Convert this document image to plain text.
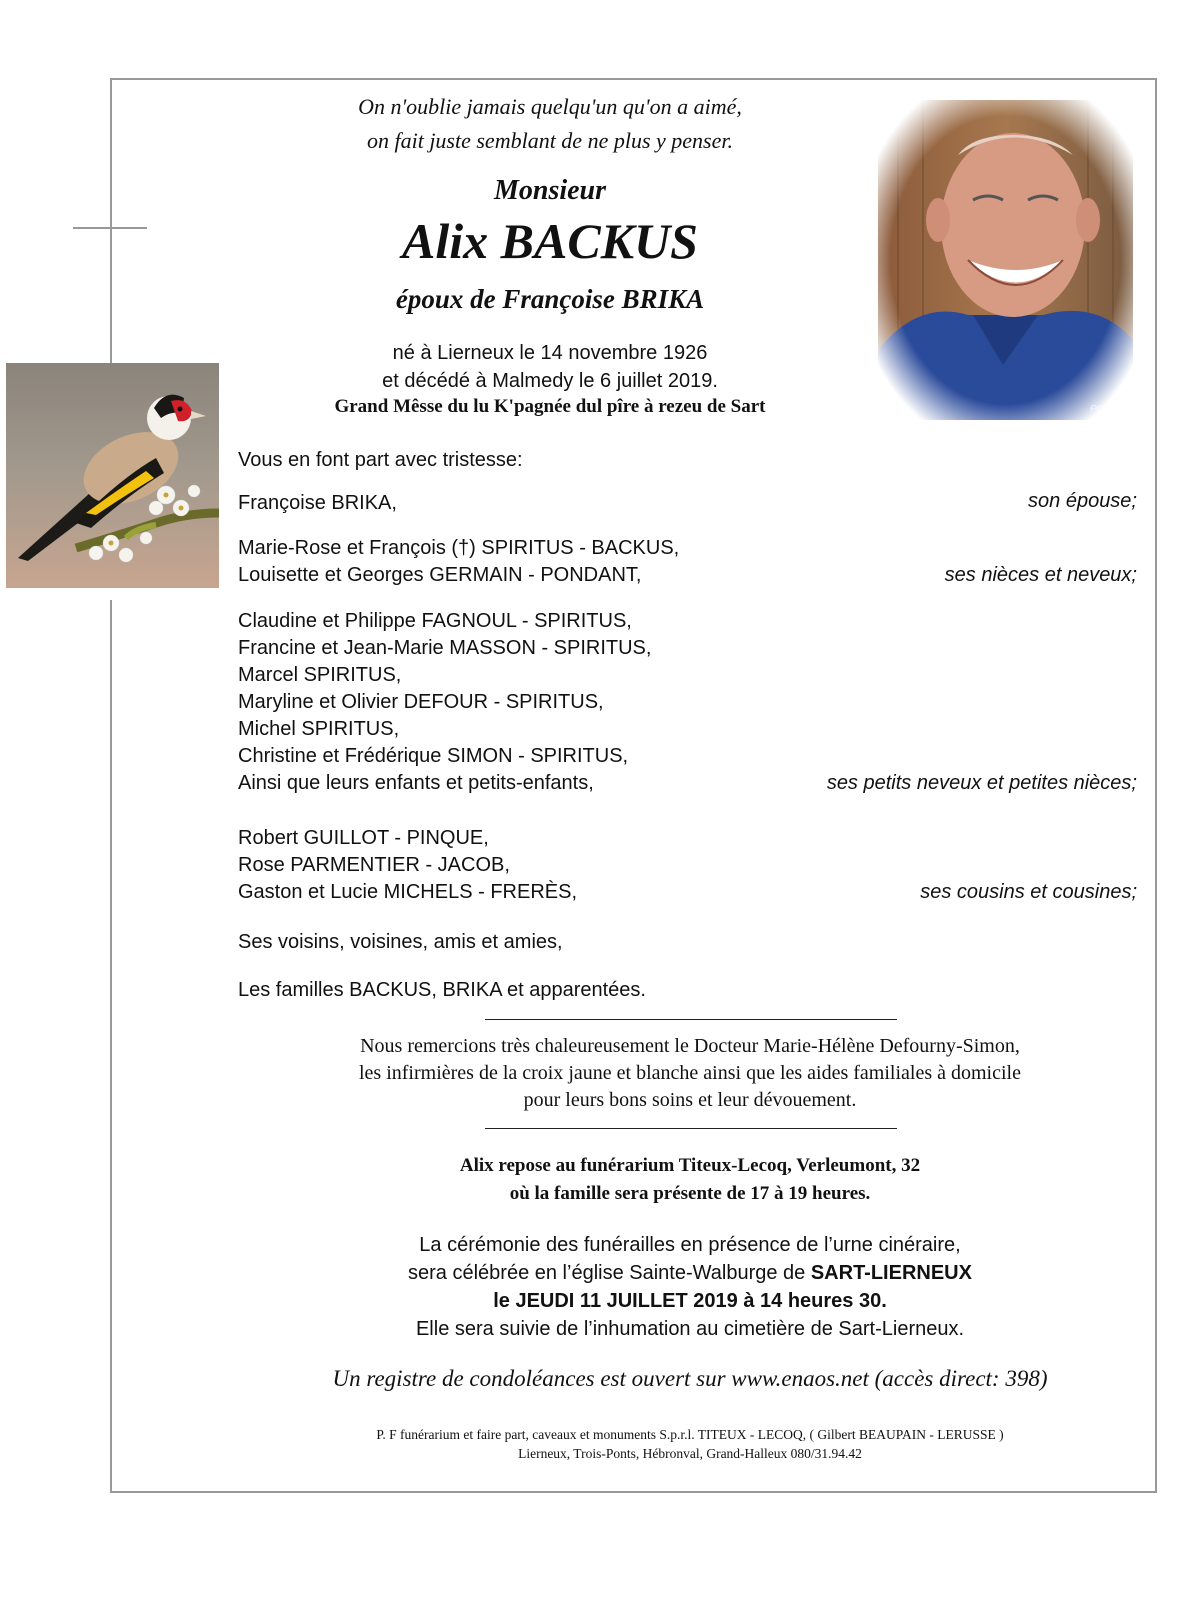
On n'oublie jamais quelqu'un qu'on a aimé,
on fait juste semblant de ne plus y penser.
Monsieur
Alix BACKUS
époux de Françoise BRIKA
né à Lierneux le 14 novembre 1926
et décédé à Malmedy le 6 juillet 2019.
Grand Mêsse du lu K'pagnée dul pîre à rezeu de Sart
Vous en font part avec tristesse:
Françoise BRIKA,	son épouse;
Marie-Rose et François (†) SPIRITUS - BACKUS,
Louisette et Georges GERMAIN - PONDANT,	ses nièces et neveux;
Claudine et Philippe FAGNOUL - SPIRITUS,
Francine et Jean-Marie MASSON - SPIRITUS,
Marcel SPIRITUS,
Maryline et Olivier DEFOUR - SPIRITUS,
Michel SPIRITUS,
Christine et Frédérique SIMON - SPIRITUS,
Ainsi que leurs enfants et petits-enfants,	ses petits neveux et petites nièces;
Robert GUILLOT - PINQUE,
Rose PARMENTIER - JACOB,
Gaston et Lucie MICHELS - FRERÈS,	ses cousins et cousines;
Ses voisins, voisines, amis et amies,
Les familles BACKUS, BRIKA et apparentées.
Nous remercions très chaleureusement le Docteur Marie-Hélène Defourny-Simon,
les infirmières de la croix jaune et blanche ainsi que les aides familiales à domicile
pour leurs bons soins et leur dévouement.
Alix repose au funérarium Titeux-Lecoq, Verleumont, 32
où la famille sera présente de 17 à 19 heures.
La cérémonie des funérailles en présence de l’urne cinéraire,
sera célébrée en l’église Sainte-Walburge de SART-LIERNEUX
le JEUDI 11 JUILLET 2019 à 14 heures 30.
Elle sera suivie de l’inhumation au cimetière de Sart-Lierneux.
Un registre de condoléances est ouvert sur www.enaos.net (accès direct: 398)
P. F funérarium et faire part, caveaux et monuments S.p.r.l. TITEUX - LECOQ, ( Gilbert BEAUPAIN - LERUSSE )
Lierneux, Trois-Ponts, Hébronval, Grand-Halleux 080/31.94.42
